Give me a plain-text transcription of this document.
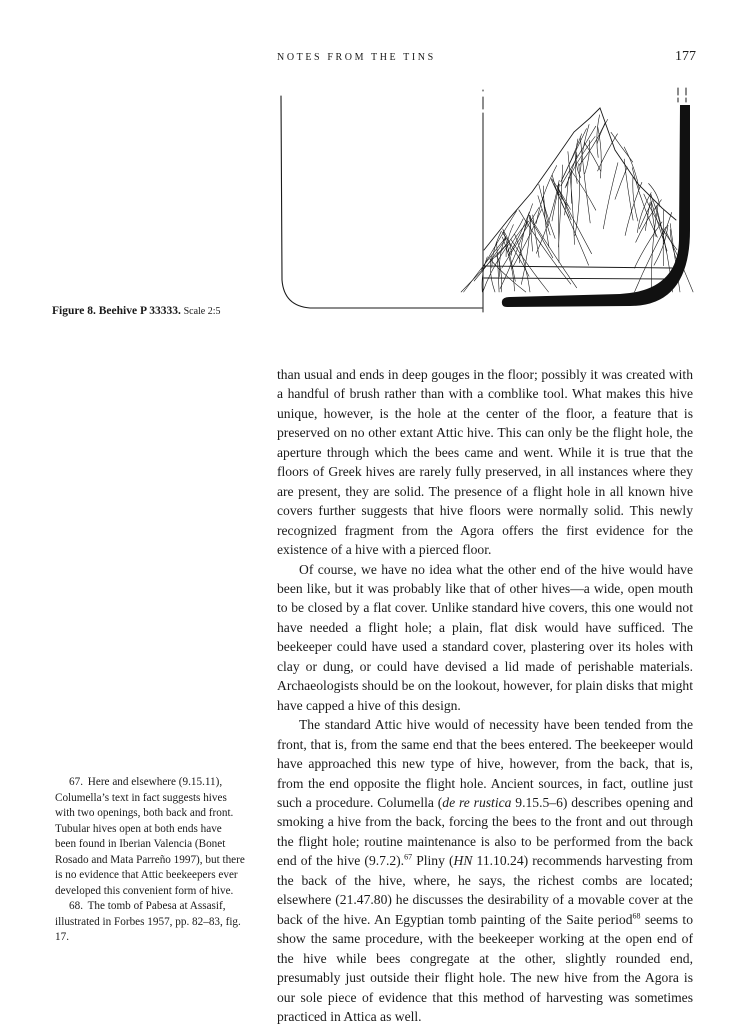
NOTES FROM THE TINS	177
Figure 8. Beehive P 33333. Scale 2:5

than usual and ends in deep gouges in the floor; possibly it was created with a handful of brush rather than with a comblike tool. What makes this hive unique, however, is the hole at the center of the floor, a feature that is preserved on no other extant Attic hive. This can only be the flight hole, the aperture through which the bees came and went. While it is true that the floors of Greek hives are rarely fully preserved, in all instances where they are present, they are solid. The presence of a flight hole in all known hive covers further suggests that hive floors were normally solid. This newly recognized fragment from the Agora offers the first evidence for the existence of a hive with a pierced floor.

Of course, we have no idea what the other end of the hive would have been like, but it was probably like that of other hives—a wide, open mouth to be closed by a flat cover. Unlike standard hive covers, this one would not have needed a flight hole; a plain, flat disk would have sufficed. The beekeeper could have used a standard cover, plastering over its holes with clay or dung, or could have devised a lid made of perishable materials. Archaeologists should be on the lookout, however, for plain disks that might have capped a hive of this design.

The standard Attic hive would of necessity have been tended from the front, that is, from the same end that the bees entered. The beekeeper would have approached this new type of hive, however, from the back, that is, from the end opposite the flight hole. Ancient sources, in fact, outline just such a procedure. Columella (de re rustica 9.15.5–6) describes opening and smoking a hive from the back, forcing the bees to the front and out through the flight hole; routine maintenance is also to be performed from the back end of the hive (9.7.2).$^{67}$ Pliny (HN 11.10.24) recommends harvesting from the back of the hive, where, he says, the richest combs are located; elsewhere (21.47.80) he discusses the desirability of a movable cover at the back of the hive. An Egyptian tomb painting of the Saite period$^{68}$ seems to show the same procedure, with the beekeeper working at the open end of the hive while bees congregate at the other, slightly rounded end, presumably just outside their flight hole. The new hive from the Agora is our sole piece of evidence that this method of harvesting was sometimes practiced in Attica as well.

67. Here and elsewhere (9.15.11), Columella’s text in fact suggests hives with two openings, both back and front. Tubular hives open at both ends have been found in Iberian Valencia (Bonet Rosado and Mata Parreño 1997), but there is no evidence that Attic beekeepers ever developed this convenient form of hive.

68. The tomb of Pabesa at Assasif, illustrated in Forbes 1957, pp. 82–83, fig. 17.
